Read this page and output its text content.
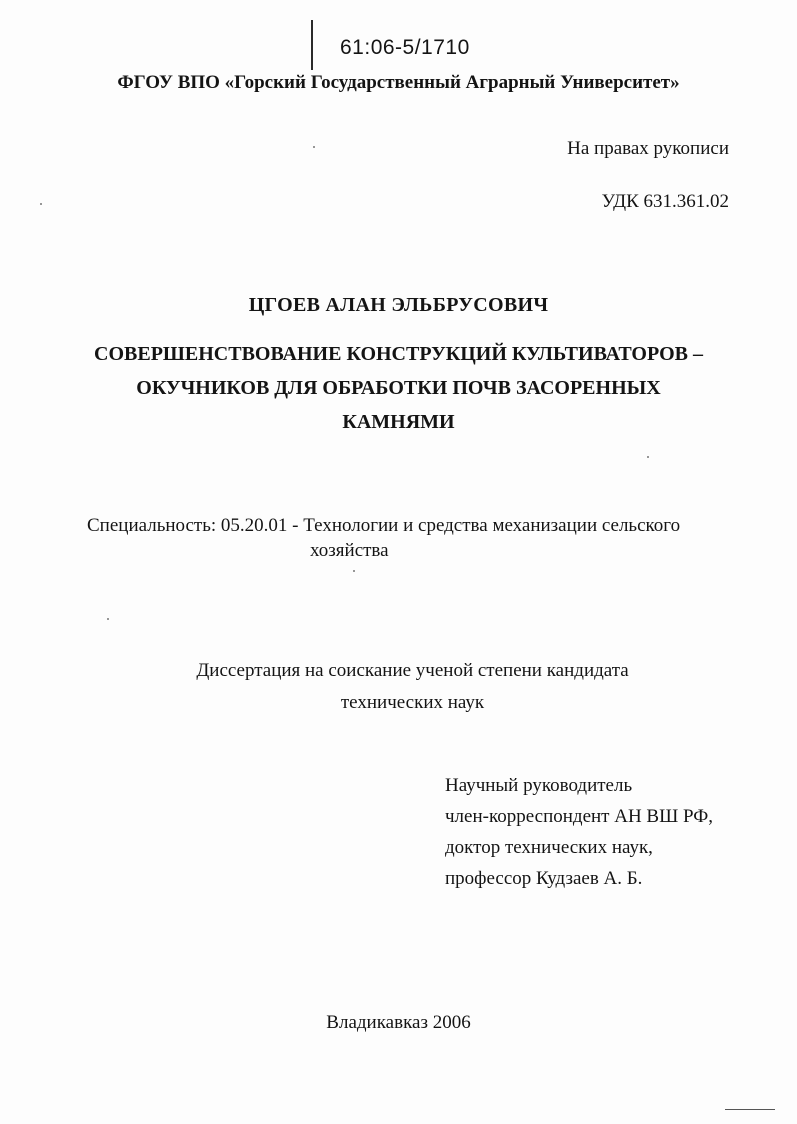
61:06-5/1710
ФГОУ ВПО «Горский Государственный Аграрный Университет»
На правах рукописи
УДК 631.361.02
ЦГОЕВ АЛАН ЭЛЬБРУСОВИЧ
СОВЕРШЕНСТВОВАНИЕ КОНСТРУКЦИЙ КУЛЬТИВАТОРОВ –
ОКУЧНИКОВ ДЛЯ ОБРАБОТКИ ПОЧВ ЗАСОРЕННЫХ
КАМНЯМИ
Специальность: 05.20.01 - Технологии и средства механизации сельского
хозяйства
Диссертация на соискание ученой степени кандидата
технических наук
Научный руководитель
член-корреспондент АН ВШ РФ,
доктор технических наук,
профессор Кудзаев А. Б.
Владикавказ 2006
